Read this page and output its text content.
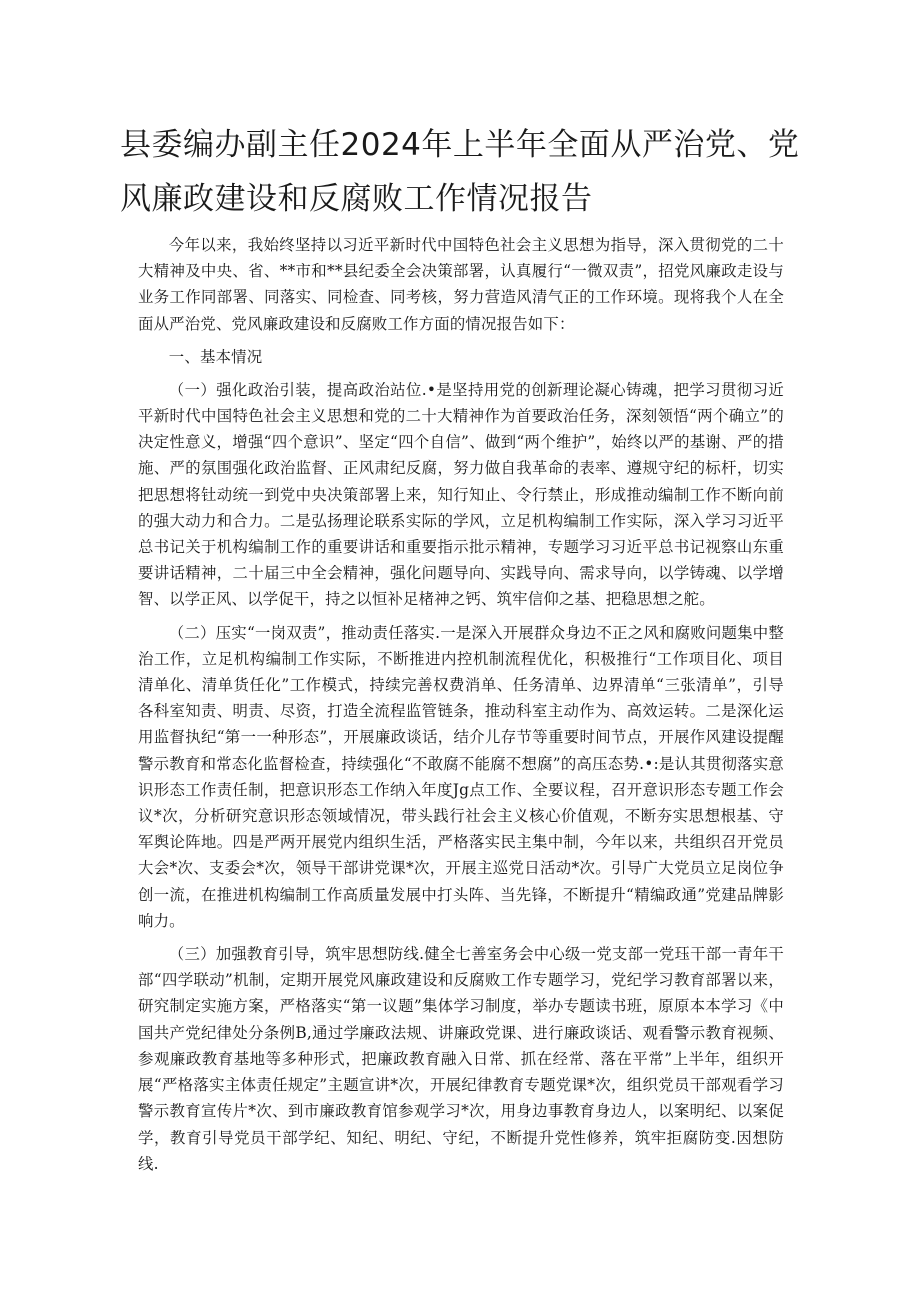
县委编办副主任2024年上半年全面从严治党、党风廉政建设和反腐败工作情况报告

今年以来，我始终坚持以习近平新时代中国特色社会主义思想为指导，深入贯彻党的二十大精神及中央、省、**市和**县纪委全会决策部署，认真履行“一微双责”，招党风廉政走设与业务工作同部署、同落实、同检查、同考核，努力营造风清气正的工作环境。现将我个人在全面从严治党、党风廉政建设和反腐败工作方面的情况报告如下：

一、基本情况

（一）强化政治引装，提高政治站位.•是坚持用党的创新理论凝心铸魂，把学习贯彻习近平新时代中国特色社会主义思想和党的二十大精神作为首要政治任务，深刻领悟“两个确立”的决定性意义，增强“四个意识”、坚定“四个自信”、做到“两个维护”，始终以严的基谢、严的措施、严的氛围强化政治监督、正风肃纪反腐，努力做自我革命的表率、遵规守纪的标杆，切实把思想将钍动统一到党中央决策部署上来，知行知止、令行禁止，形成推动编制工作不断向前的强大动力和合力。二是弘扬理论联系实际的学风，立足机构编制工作实际，深入学习习近平总书记关于机构编制工作的重要讲话和重要指示批示精神，专题学习习近平总书记视察山东重要讲话精神，二十届三中全会精神，强化问题导向、实践导向、需求导向，以学铸魂、以学增智、以学正风、以学促干，持之以恒补足楮神之钙、筑牢信仰之基、把稳思想之舵。

（二）压实“一岗双责”，推动责任落实.一是深入开展群众身边不正之风和腐败问题集中整治工作，立足机构编制工作实际，不断推进内控机制流程优化，积极推行“工作项目化、项目清单化、清单货任化”工作模式，持续完善权费消单、任务清单、边界清单“三张清单”，引导各科室知责、明责、尽资，打造全流程监管链条，推动科室主动作为、高效运转。二是深化运用监督执纪“第一一种形态”，开展廉政谈话，结介儿存节等重要时间节点，开展作风建设提醒警示教育和常态化监督检查，持续强化“不敢腐不能腐不想腐”的高压态势.•:是认其贯彻落实意识形态工作责任制，把意识形态工作纳入年度Jg点工作、全要议程，召开意识形态专题工作会议*次，分析研究意识形态领域情况，带头践行社会主义核心价值观，不断夯实思想根基、守军舆论阵地。四是严两开展党内组织生活，严格落实民主集中制，今年以来，共组织召开党员大会*次、支委会*次，领导干部讲党课*次，开展主巡党日活动*次。引导广大党员立足岗位争创一流，在推进机构编制工作高质量发展中打头阵、当先锋，不断提升“精编政通”党建品牌影响力。

（三）加强教育引导，筑牢思想防线.健全七善室务会中心级一党支部一党珏干部一青年干部“四学联动”机制，定期开展党风廉政建设和反腐败工作专题学习，党纪学习教育部署以来，研究制定实施方案，严格落实“第一议题”集体学习制度，举办专题读书班，原原本本学习《中国共产党纪律处分条例B,通过学廉政法规、讲廉政党课、进行廉政谈话、观看警示教育视频、参观廉政教育基地等多种形式，把廉政教育融入日常、抓在经常、落在平常”上半年，组织开展“严格落实主体责任规定”主题宣讲*次，开展纪律教育专题党课*次，组织党员干部观看学习警示教育宣传片*次、到市廉政教育馆参观学习*次，用身边事教育身边人，以案明纪、以案促学，教育引导党员干部学纪、知纪、明纪、守纪，不断提升党性修养，筑牢拒腐防变.因想防线.
